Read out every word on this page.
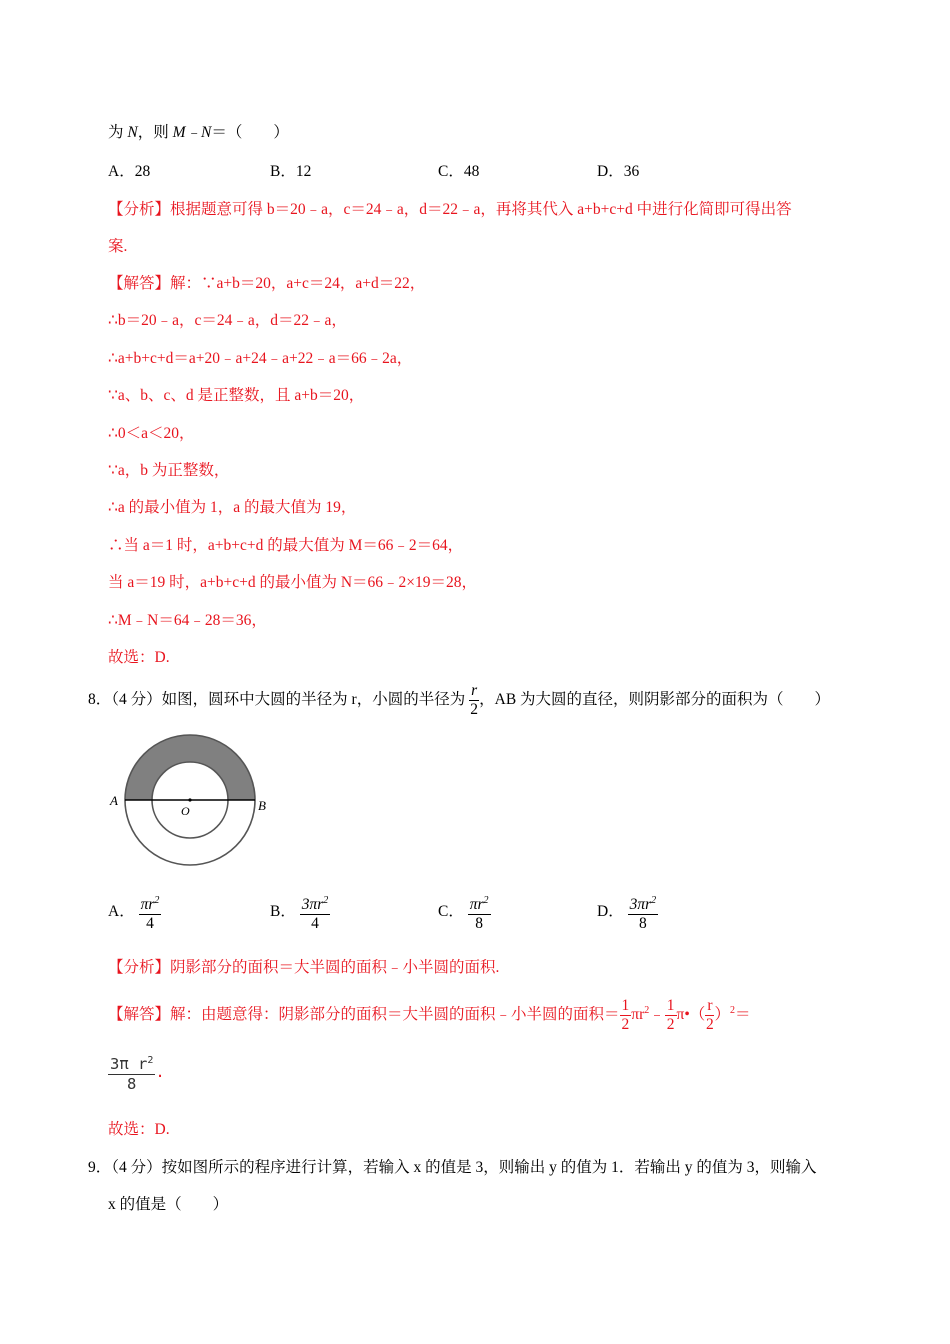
为 N，则 M﹣N＝（　　）
A．28	B．12	C．48	D．36
【分析】根据题意可得 b＝20﹣a，c＝24﹣a，d＝22﹣a，再将其代入 a+b+c+d 中进行化简即可得出答
案.
【解答】解：∵a+b＝20，a+c＝24，a+d＝22，
∴b＝20﹣a，c＝24﹣a，d＝22﹣a，
∴a+b+c+d＝a+20﹣a+24﹣a+22﹣a＝66﹣2a，
∵a、b、c、d 是正整数，且 a+b＝20，
∴0＜a＜20，
∵a，b 为正整数，
∴a 的最小值为 1，a 的最大值为 19，
∴当 a＝1 时，a+b+c+d 的最大值为 M＝66﹣2＝64，
当 a＝19 时，a+b+c+d 的最小值为 N＝66﹣2×19＝28，
∴M﹣N＝64﹣28＝36，
故选：D.
8．（4 分）如图，圆环中大圆的半径为 r，小圆的半径为 $\frac{r}{2}$ ，AB 为大圆的直径，则阴影部分的面积为（　　）
A	B
O
A． $\frac{\pi r^2}{4}$	B． $\frac{3\pi r^2}{4}$	C． $\frac{\pi r^2}{8}$	D． $\frac{3\pi r^2}{8}$
【分析】阴影部分的面积＝大半圆的面积﹣小半圆的面积.
【解答】解：由题意得：阴影部分的面积＝大半圆的面积﹣小半圆的面积＝ $\frac{1}{2}$ $\pi r^2﹣ \frac{1}{2}$ π•（ $\frac{r}{2} )^2=$
$\frac{3\pi r^2}{8}$ .
故选：D.
9．（4 分）按如图所示的程序进行计算，若输入 x 的值是 3，则输出 y 的值为 1．若输出 y 的值为 3，则输入
x 的值是（　　）
